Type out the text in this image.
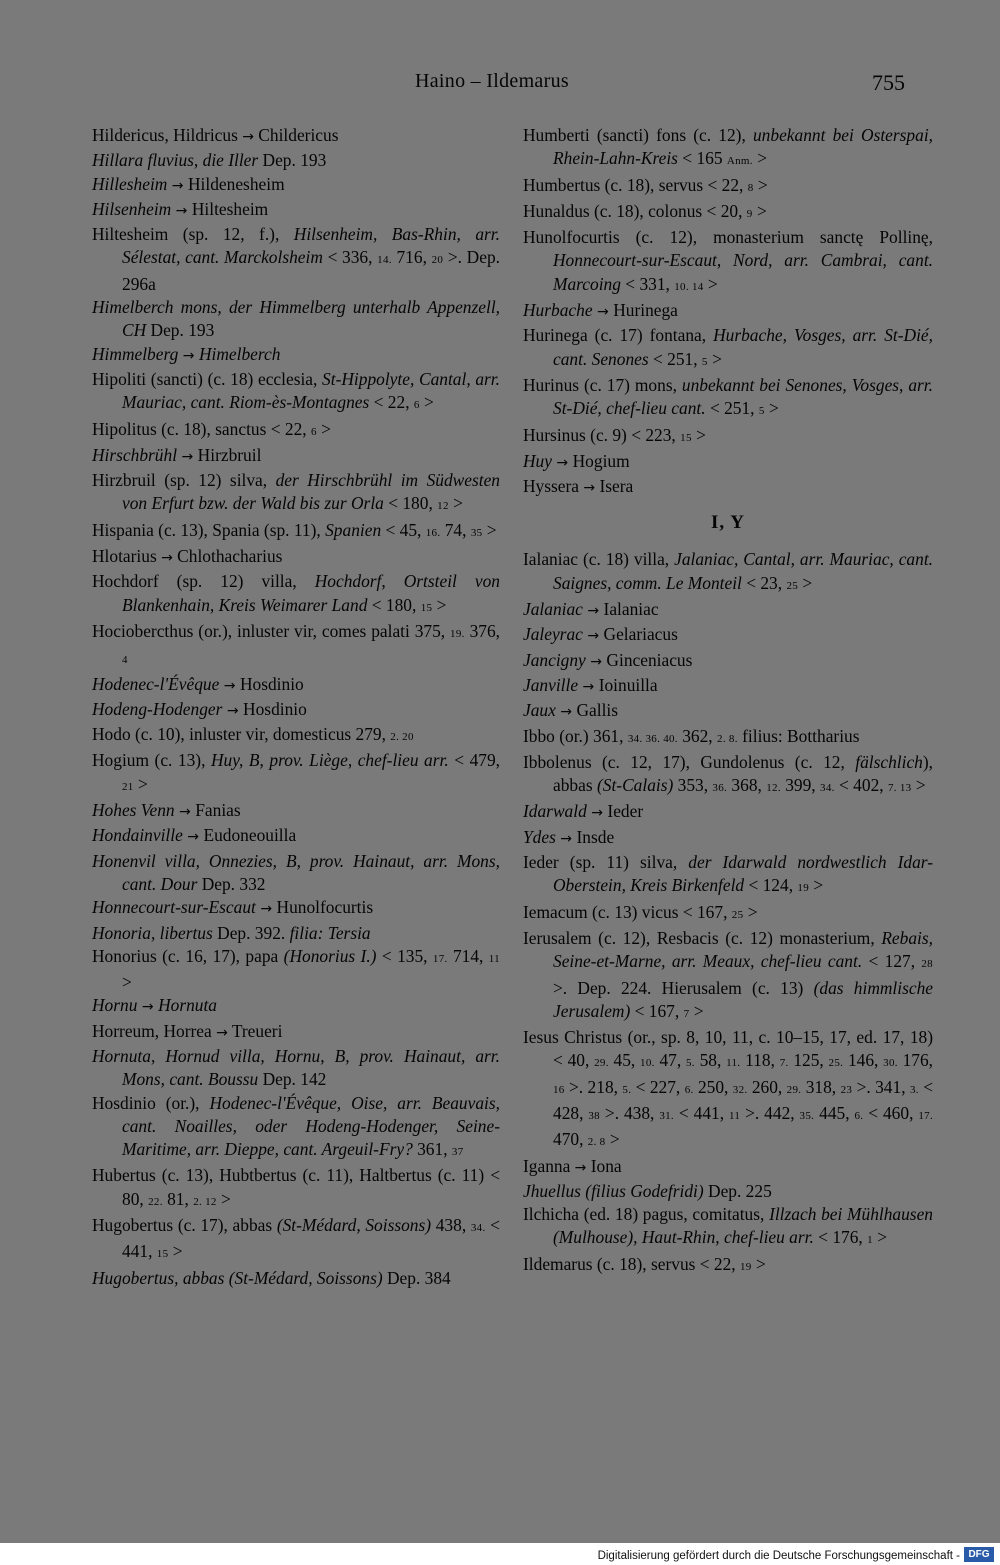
Haino – Ildemarus	755
Hildericus, Hildricus → Childericus
Hillara fluvius, die Iller Dep. 193
Hillesheim → Hildenesheim
Hilsenheim → Hiltesheim
Hiltesheim (sp. 12, f.), Hilsenheim, Bas-Rhin, arr. Sélestat, cant. Marckolsheim < 336, 14. 716, 20 >. Dep. 296a
Himelberch mons, der Himmelberg unterhalb Appenzell, CH Dep. 193
Himmelberg → Himelberch
Hipoliti (sancti) (c. 18) ecclesia, St-Hippolyte, Cantal, arr. Mauriac, cant. Riom-ès-Montagnes < 22, 6 >
Hipolitus (c. 18), sanctus < 22, 6 >
Hirschbrühl → Hirzbruil
Hirzbruil (sp. 12) silva, der Hirschbrühl im Südwesten von Erfurt bzw. der Wald bis zur Orla < 180, 12 >
Hispania (c. 13), Spania (sp. 11), Spanien < 45, 16. 74, 35 >
Hlotarius → Chlothacharius
Hochdorf (sp. 12) villa, Hochdorf, Ortsteil von Blankenhain, Kreis Weimarer Land < 180, 15 >
Hociobercthus (or.), inluster vir, comes palati 375, 19. 376, 4
Hodenec-l'Évêque → Hosdinio
Hodeng-Hodenger → Hosdinio
Hodo (c. 10), inluster vir, domesticus 279, 2. 20
Hogium (c. 13), Huy, B, prov. Liège, chef-lieu arr. < 479, 21 >
Hohes Venn → Fanias
Hondainville → Eudoneouilla
Honenvil villa, Onnezies, B, prov. Hainaut, arr. Mons, cant. Dour Dep. 332
Honnecourt-sur-Escaut → Hunolfocurtis
Honoria, libertus Dep. 392. filia: Tersia
Honorius (c. 16, 17), papa (Honorius I.) < 135, 17. 714, 11 >
Hornu → Hornuta
Horreum, Horrea → Treueri
Hornuta, Hornud villa, Hornu, B, prov. Hainaut, arr. Mons, cant. Boussu Dep. 142
Hosdinio (or.), Hodenec-l'Évêque, Oise, arr. Beauvais, cant. Noailles, oder Hodeng-Hodenger, Seine-Maritime, arr. Dieppe, cant. Argeuil-Fry? 361, 37
Hubertus (c. 13), Hubtbertus (c. 11), Haltbertus (c. 11) < 80, 22. 81, 2. 12 >
Hugobertus (c. 17), abbas (St-Médard, Soissons) 438, 34. < 441, 15 >
Hugobertus, abbas (St-Médard, Soissons) Dep. 384
Humberti (sancti) fons (c. 12), unbekannt bei Osterspai, Rhein-Lahn-Kreis < 165 Anm. >
Humbertus (c. 18), servus < 22, 8 >
Hunaldus (c. 18), colonus < 20, 9 >
Hunolfocurtis (c. 12), monasterium sanctę Pollinę, Honnecourt-sur-Escaut, Nord, arr. Cambrai, cant. Marcoing < 331, 10. 14 >
Hurbache → Hurinega
Hurinega (c. 17) fontana, Hurbache, Vosges, arr. St-Dié, cant. Senones < 251, 5 >
Hurinus (c. 17) mons, unbekannt bei Senones, Vosges, arr. St-Dié, chef-lieu cant. < 251, 5 >
Hursinus (c. 9) < 223, 15 >
Huy → Hogium
Hyssera → Isera
I, Y
Ialaniac (c. 18) villa, Jalaniac, Cantal, arr. Mauriac, cant. Saignes, comm. Le Monteil < 23, 25 >
Jalaniac → Ialaniac
Jaleyrac → Gelariacus
Jancigny → Ginceniacus
Janville → Ioinuilla
Jaux → Gallis
Ibbo (or.) 361, 34. 36. 40. 362, 2. 8. filius: Bottharius
Ibbolenus (c. 12, 17), Gundolenus (c. 12, fälschlich), abbas (St-Calais) 353, 36. 368, 12. 399, 34. < 402, 7. 13 >
Idarwald → Ieder
Ydes → Insde
Ieder (sp. 11) silva, der Idarwald nordwestlich Idar-Oberstein, Kreis Birkenfeld < 124, 19 >
Iemacum (c. 13) vicus < 167, 25 >
Ierusalem (c. 12), Resbacis (c. 12) monasterium, Rebais, Seine-et-Marne, arr. Meaux, chef-lieu cant. < 127, 28 >. Dep. 224. Hierusalem (c. 13) (das himmlische Jerusalem) < 167, 7 >
Iesus Christus (or., sp. 8, 10, 11, c. 10–15, 17, ed. 17, 18) < 40, 29. 45, 10. 47, 5. 58, 11. 118, 7. 125, 25. 146, 30. 176, 16 >. 218, 5. < 227, 6. 250, 32. 260, 29. 318, 23 >. 341, 3. < 428, 38 >. 438, 31. < 441, 11 >. 442, 35. 445, 6. < 460, 17. 470, 2. 8 >
Iganna → Iona
Jhuellus (filius Godefridi) Dep. 225
Ilchicha (ed. 18) pagus, comitatus, Illzach bei Mühlhausen (Mulhouse), Haut-Rhin, chef-lieu arr. < 176, 1 >
Ildemarus (c. 18), servus < 22, 19 >
Digitalisierung gefördert durch die Deutsche Forschungsgemeinschaft - DFG
